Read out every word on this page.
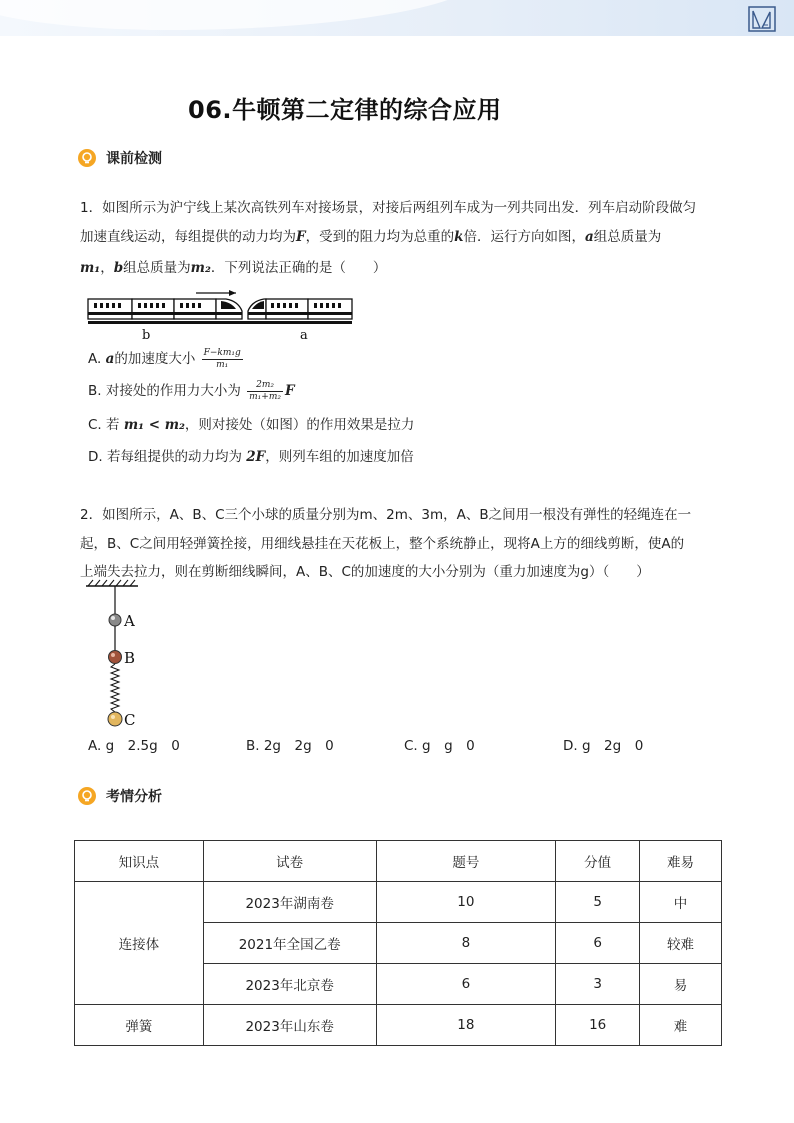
06.牛顿第二定律的综合应用
课前检测
1．如图所示为沪宁线上某次高铁列车对接场景，对接后两组列车成为一列共同出发．列车启动阶段做匀
加速直线运动，每组提供的动力均为F，受到的阻力均为总重的k倍．运行方向如图，a组总质量为
m₁，b组总质量为m₂．下列说法正确的是（　　）
b	a
A. a的加速度大小 $\frac{\text{F−km₁g}}{\text{m₁}}$
B. 对接处的作用力大小为 $\frac{\text{2m₂}}{\text{m₁+m₂}}$ F
C. 若 m₁ < m₂，则对接处（如图）的作用效果是拉力
D. 若每组提供的动力均为 2F，则列车组的加速度加倍
2．如图所示，A、B、C三个小球的质量分别为m、2m、3m，A、B之间用一根没有弹性的轻绳连在一
起，B、C之间用轻弹簧拴接，用细线悬挂在天花板上，整个系统静止，现将A上方的细线剪断，使A的
上端失去拉力，则在剪断细线瞬间，A、B、C的加速度的大小分别为（重力加速度为g）（　　）
A
B
C
A. g　2.5g　0	B. 2g　2g　0	C. g　g　0	D. g　2g　0
考情分析
知识点	试卷	题号	分值	难易
连接体	2023年湖南卷	10	5	中
	2021年全国乙卷	8	6	较难
	2023年北京卷	6	3	易
弹簧	2023年山东卷	18	16	难
